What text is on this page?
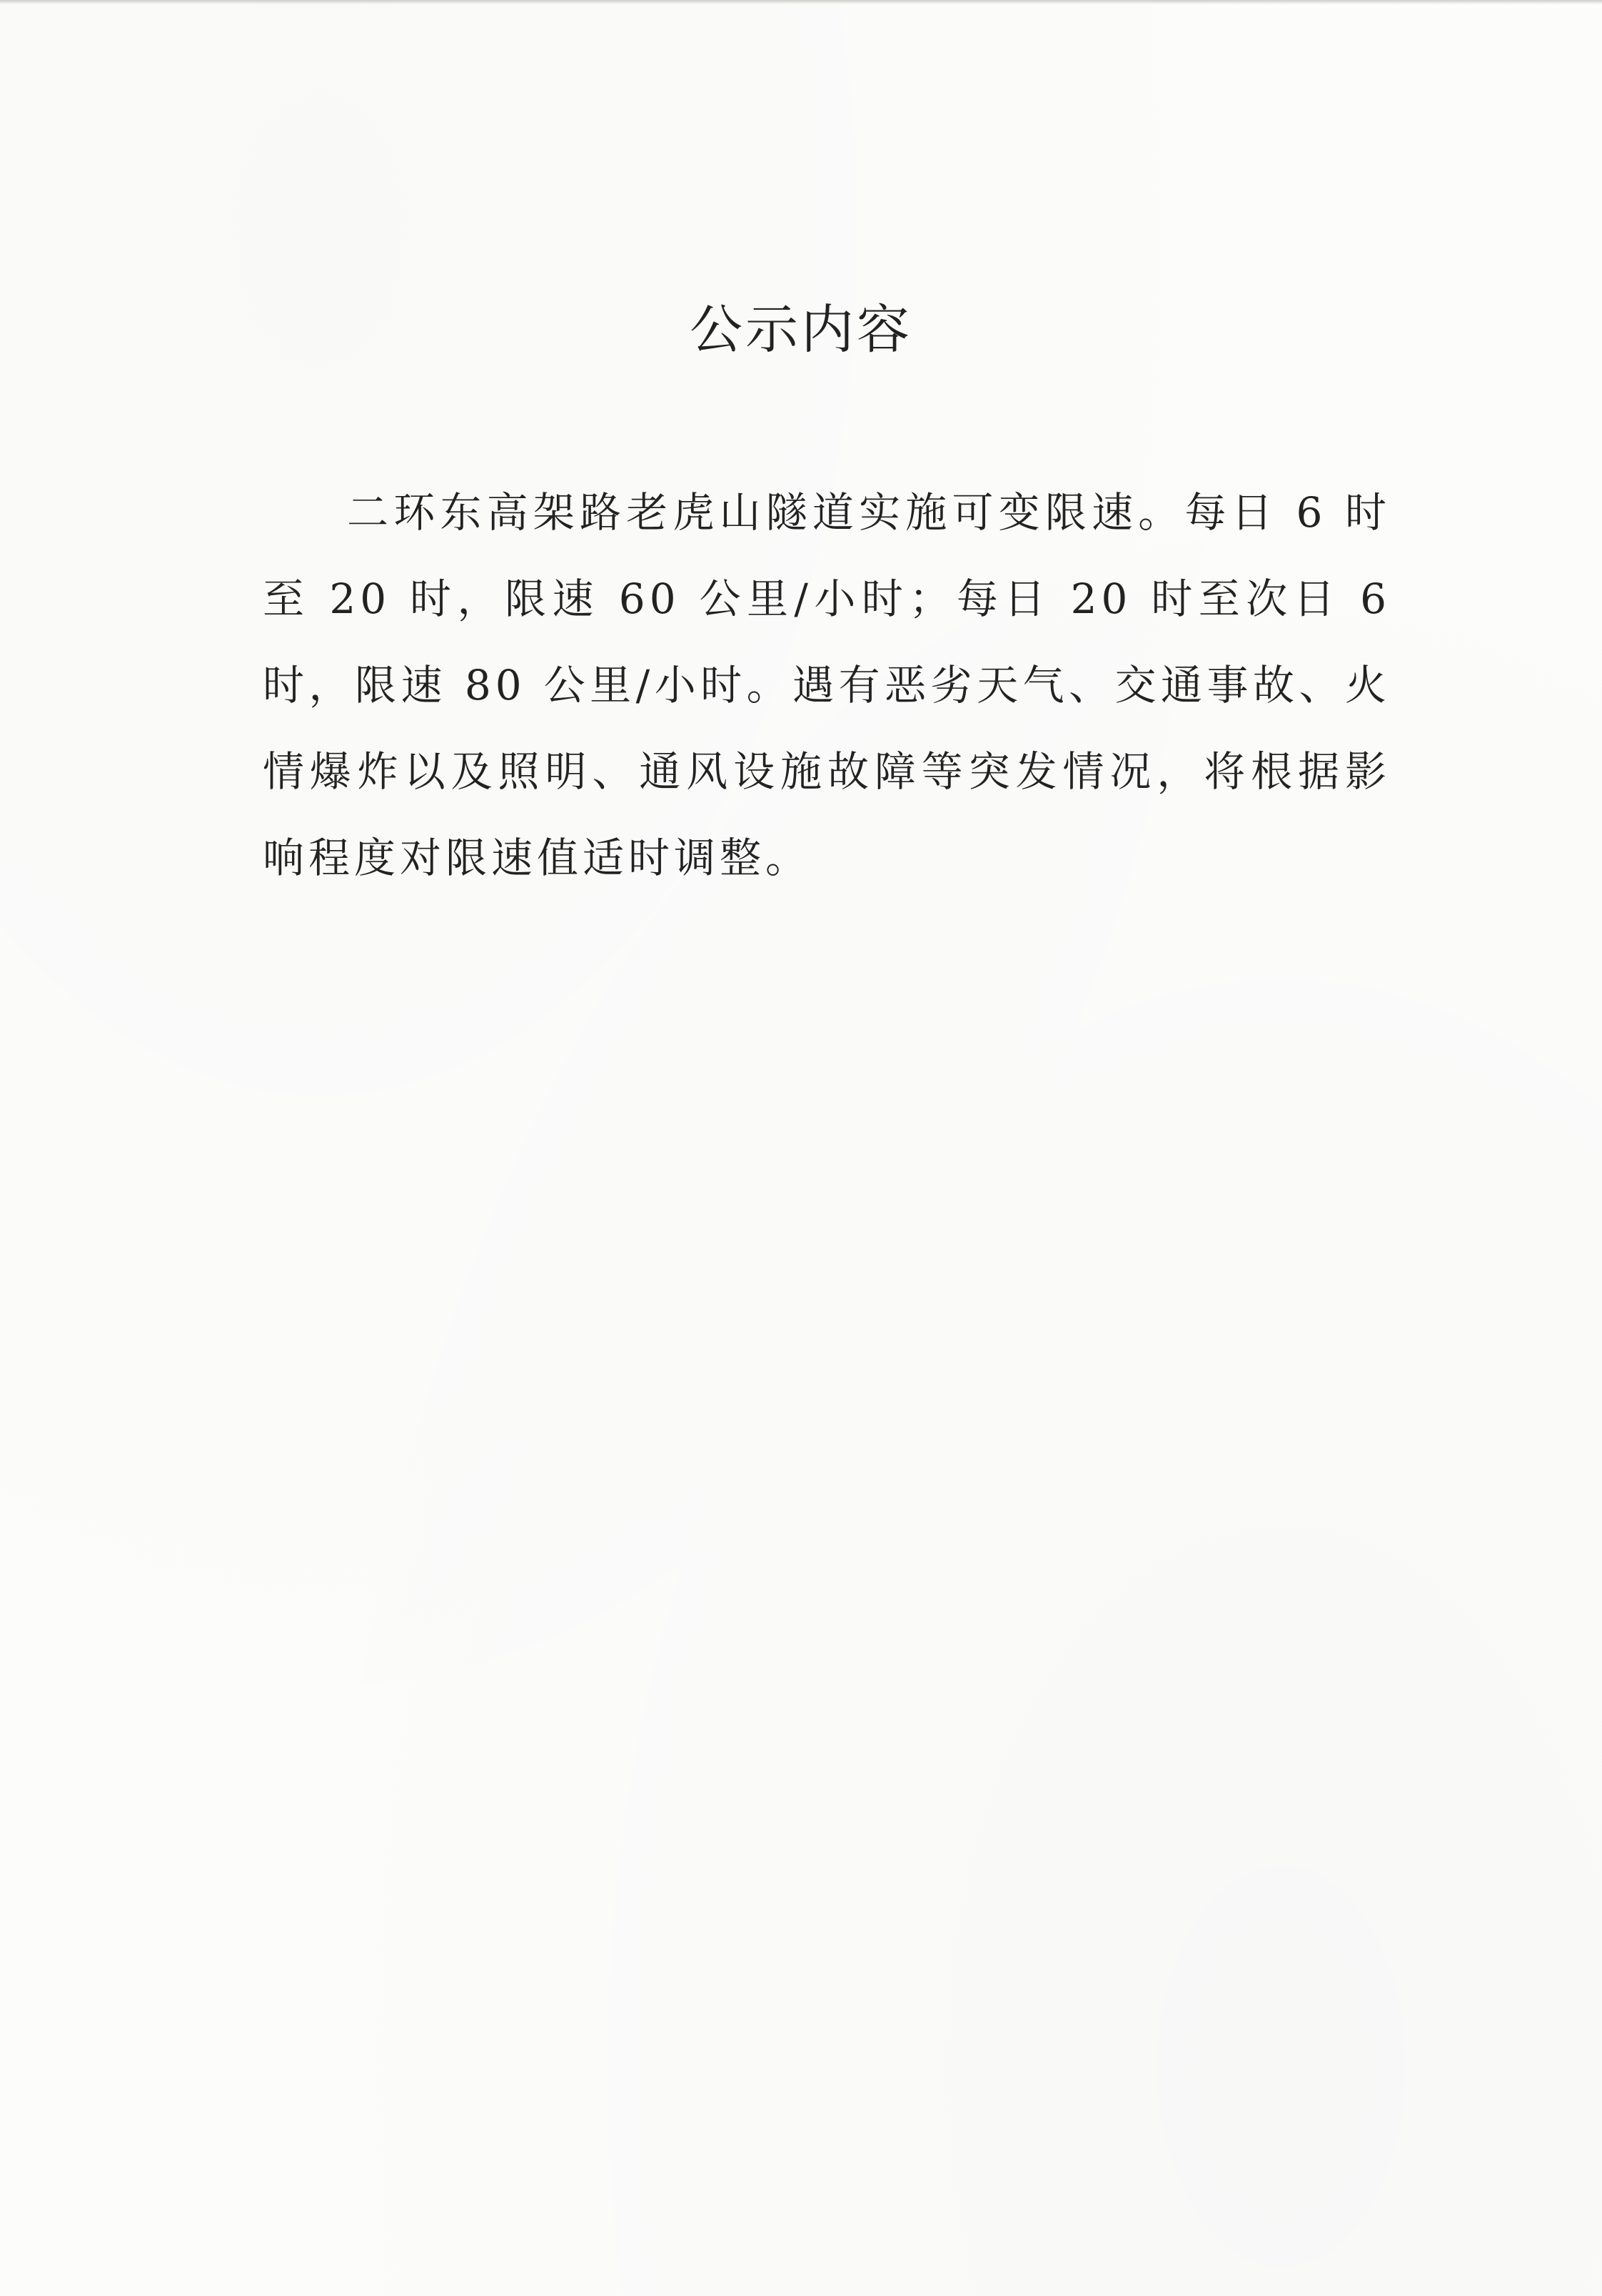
公示内容

二环东高架路老虎山隧道实施可变限速。每日 6 时至 20 时，限速 60 公里/小时；每日 20 时至次日 6 时，限速 80 公里/小时。遇有恶劣天气、交通事故、火情爆炸以及照明、通风设施故障等突发情况，将根据影响程度对限速值适时调整。
